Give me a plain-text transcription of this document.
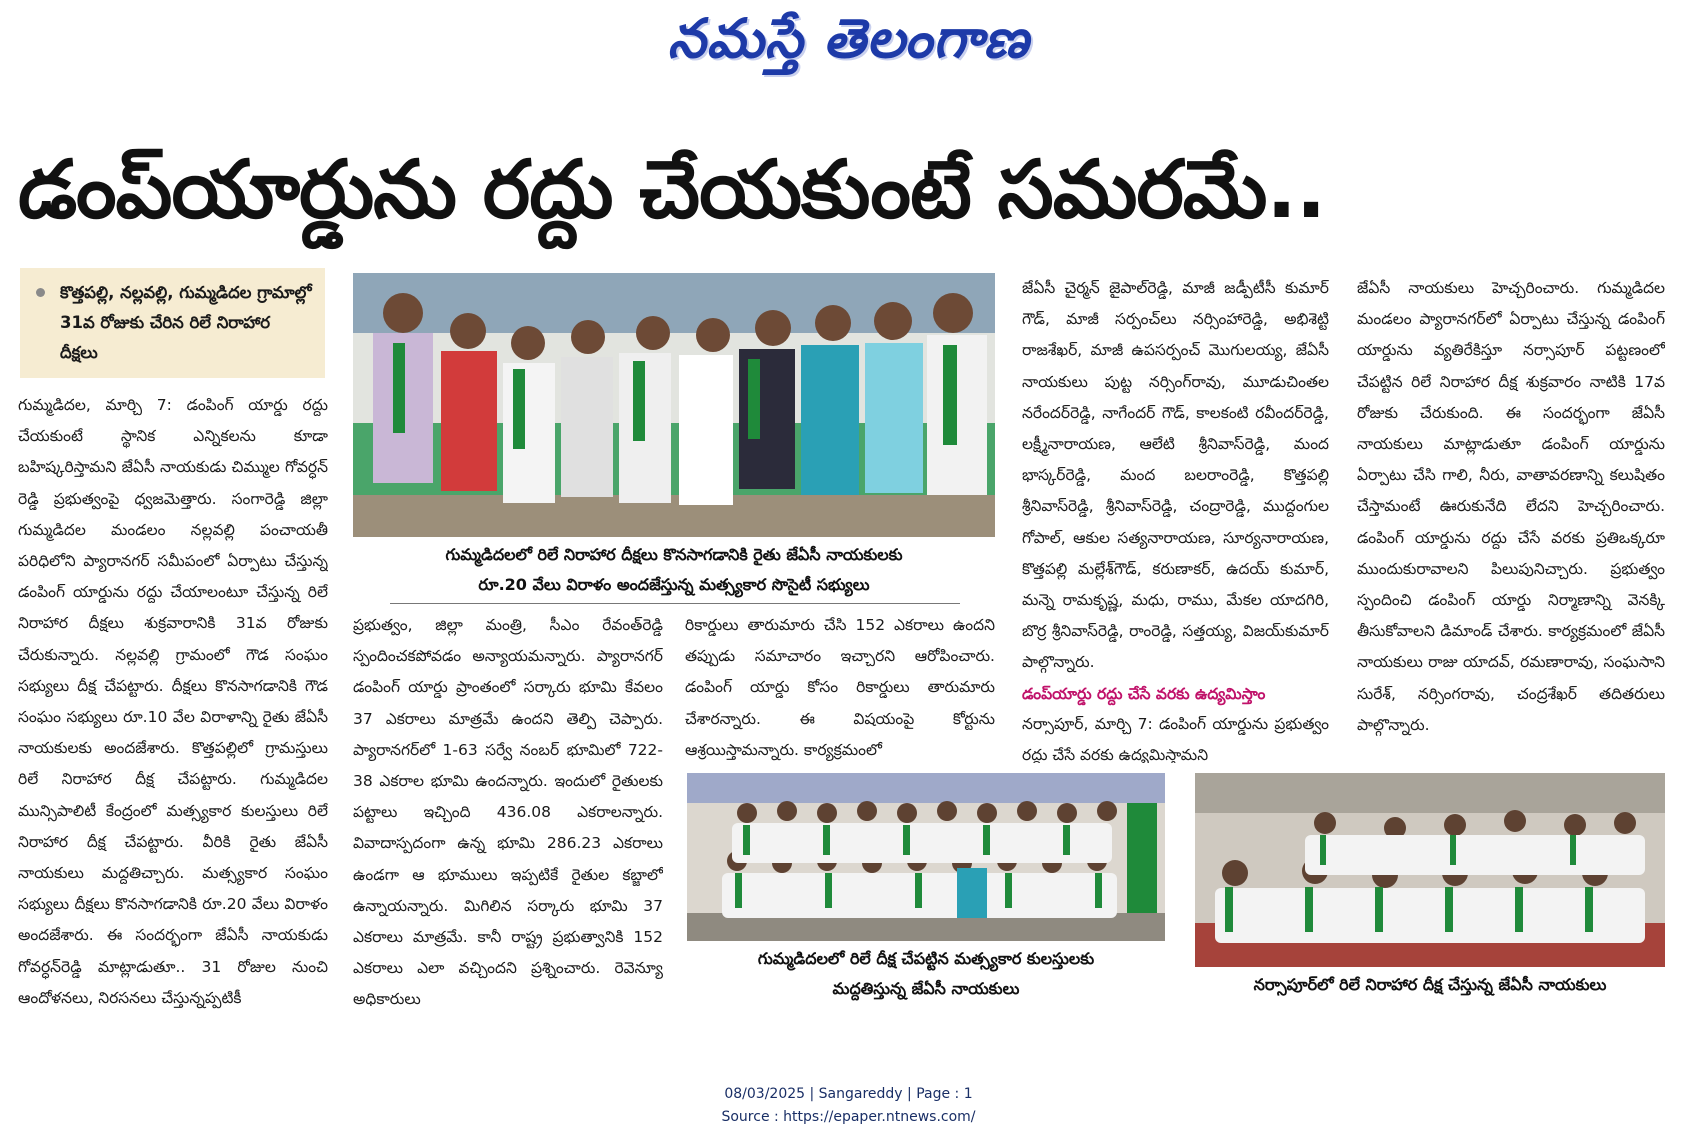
నమస్తే తెలంగాణ
డంప్‌యార్డును రద్దు చేయకుంటే సమరమే..
కొత్తపల్లి, నల్లవల్లి, గుమ్మడిదల గ్రామాల్లో 31వ రోజుకు చేరిన రిలే నిరాహార దీక్షలు

గుమ్మడిదల, మార్చి 7: డంపింగ్ యార్డు రద్దు చేయకుంటే స్థానిక ఎన్నికలను కూడా బహిష్కరిస్తామని జేఏసీ నాయకుడు చిమ్ముల గోవర్ధన్ రెడ్డి ప్రభుత్వంపై ధ్వజమెత్తారు. సంగారెడ్డి జిల్లా గుమ్మడిదల మండలం నల్లవల్లి పంచాయతీ పరిధిలోని ప్యారానగర్ సమీపంలో ఏర్పాటు చేస్తున్న డంపింగ్ యార్డును రద్దు చేయాలంటూ చేస్తున్న రిలే నిరాహార దీక్షలు శుక్రవారానికి 31వ రోజుకు చేరుకున్నారు. నల్లవల్లి గ్రామంలో గౌడ సంఘం సభ్యులు దీక్ష చేపట్టారు. దీక్షలు కొనసాగడానికి గౌడ సంఘం సభ్యులు రూ.10 వేల విరాళాన్ని రైతు జేఏసీ నాయకులకు అందజేశారు. కొత్తపల్లిలో గ్రామస్తులు రిలే నిరాహార దీక్ష చేపట్టారు. గుమ్మడిదల మున్సిపాలిటీ కేంద్రంలో మత్స్యకార కులస్తులు రిలే నిరాహార దీక్ష చేపట్టారు. వీరికి రైతు జేఏసీ నాయకులు మద్దతిచ్చారు. మత్స్యకార సంఘం సభ్యులు దీక్షలు కొనసాగడానికి రూ.20 వేలు విరాళం అందజేశారు. ఈ సందర్భంగా జేఏసీ నాయకుడు గోవర్ధన్‌రెడ్డి మాట్లాడుతూ.. 31 రోజుల నుంచి ఆందోళనలు, నిరసనలు చేస్తున్నప్పటికీ

గుమ్మడిదలలో రిలే నిరాహార దీక్షలు కొనసాగడానికి రైతు జేఏసీ నాయకులకు
రూ.20 వేలు విరాళం అందజేస్తున్న మత్స్యకార సొసైటీ సభ్యులు

ప్రభుత్వం, జిల్లా మంత్రి, సీఎం రేవంత్‌రెడ్డి స్పందించకపోవడం అన్యాయమన్నారు. ప్యారానగర్ డంపింగ్ యార్డు ప్రాంతంలో సర్కారు భూమి కేవలం 37 ఎకరాలు మాత్రమే ఉందని తెల్పి చెప్పారు. ప్యారానగర్‌లో 1-63 సర్వే నంబర్ భూమిలో 722-38 ఎకరాల భూమి ఉందన్నారు. ఇందులో రైతులకు పట్టాలు ఇచ్చింది 436.08 ఎకరాలన్నారు. వివాదాస్పదంగా ఉన్న భూమి 286.23 ఎకరాలు ఉండగా ఆ భూములు ఇప్పటికే రైతుల కబ్జాలో ఉన్నాయన్నారు. మిగిలిన సర్కారు భూమి 37 ఎకరాలు మాత్రమే. కానీ రాష్ట్ర ప్రభుత్వానికి 152 ఎకరాలు ఎలా వచ్చిందని ప్రశ్నించారు. రెవెన్యూ అధికారులు

రికార్డులు తారుమారు చేసి 152 ఎకరాలు ఉందని తప్పుడు సమాచారం ఇచ్చారని ఆరోపించారు. డంపింగ్ యార్డు కోసం రికార్డులు తారుమారు చేశారన్నారు. ఈ విషయంపై కోర్టును ఆశ్రయిస్తామన్నారు. కార్యక్రమంలో

జేఏసీ చైర్మన్ జైపాల్‌రెడ్డి, మాజీ జడ్పీటీసీ కుమార్ గౌడ్, మాజీ సర్పంచ్‌లు నర్సింహారెడ్డి, అభిశెట్టి రాజశేఖర్, మాజీ ఉపసర్పంచ్ మొగులయ్య, జేఏసీ నాయకులు పుట్ట నర్సింగ్‌రావు, మూడుచింతల నరేందర్‌రెడ్డి, నాగేందర్ గౌడ్, కాలకంటి రవీందర్‌రెడ్డి, లక్ష్మీనారాయణ, ఆలేటి శ్రీనివాస్‌రెడ్డి, మంద భాస్కర్‌రెడ్డి, మంద బలరాంరెడ్డి, కొత్తపల్లి శ్రీనివాస్‌రెడ్డి, శ్రీనివాస్‌రెడ్డి, చంద్రారెడ్డి, ముద్దంగుల గోపాల్, ఆకుల సత్యనారాయణ, సూర్యనారాయణ, కొత్తపల్లి మల్లేశ్‌గౌడ్, కరుణాకర్, ఉదయ్ కుమార్, మన్నె రామకృష్ణ, మధు, రాము, మేకల యాదగిరి, బొర్ర శ్రీనివాస్‌రెడ్డి, రాంరెడ్డి, సత్తయ్య, విజయ్‌కుమార్ పాల్గొన్నారు.

డంప్‌యార్డు రద్దు చేసే వరకు ఉద్యమిస్తాం

నర్సాపూర్, మార్చి 7: డంపింగ్ యార్డును ప్రభుత్వం రద్దు చేసే వరకు ఉద్యమిస్తామని

జేఏసీ నాయకులు హెచ్చరించారు. గుమ్మడిదల మండలం ప్యారానగర్‌లో ఏర్పాటు చేస్తున్న డంపింగ్ యార్డును వ్యతిరేకిస్తూ నర్సాపూర్ పట్టణంలో చేపట్టిన రిలే నిరాహార దీక్ష శుక్రవారం నాటికి 17వ రోజుకు చేరుకుంది. ఈ సందర్భంగా జేఏసీ నాయకులు మాట్లాడుతూ డంపింగ్ యార్డును ఏర్పాటు చేసి గాలి, నీరు, వాతావరణాన్ని కలుషితం చేస్తామంటే ఊరుకునేది లేదని హెచ్చరించారు. డంపింగ్ యార్డును రద్దు చేసే వరకు ప్రతిఒక్కరూ ముందుకురావాలని పిలుపునిచ్చారు. ప్రభుత్వం స్పందించి డంపింగ్ యార్డు నిర్మాణాన్ని వెనక్కి తీసుకోవాలని డిమాండ్ చేశారు. కార్యక్రమంలో జేఏసీ నాయకులు రాజు యాదవ్, రమణారావు, సంఘసాని సురేశ్, నర్సింగరావు, చంద్రశేఖర్ తదితరులు పాల్గొన్నారు.

గుమ్మడిదలలో రిలే దీక్ష చేపట్టిన మత్స్యకార కులస్తులకు
మద్దతిస్తున్న జేఏసీ నాయకులు	నర్సాపూర్‌లో రిలే నిరాహార దీక్ష చేస్తున్న జేఏసీ నాయకులు
08/03/2025 | Sangareddy | Page : 1
Source : https://epaper.ntnews.com/
